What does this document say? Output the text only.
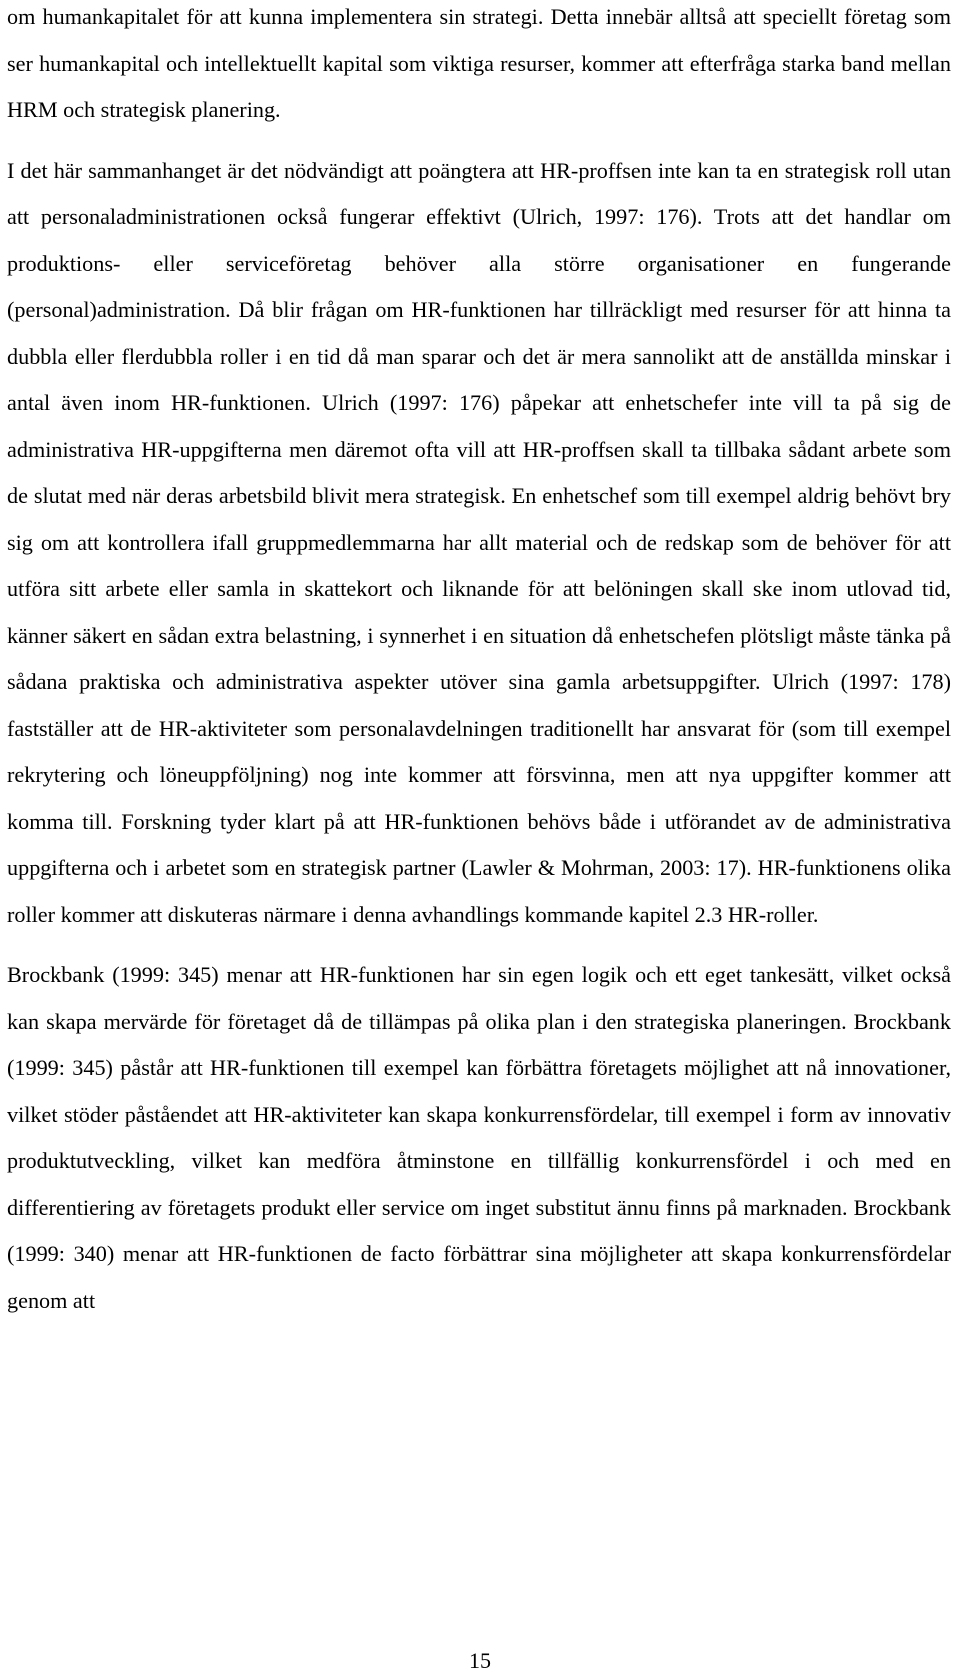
om humankapitalet för att kunna implementera sin strategi. Detta innebär alltså att speciellt företag som ser humankapital och intellektuellt kapital som viktiga resurser, kommer att efterfråga starka band mellan HRM och strategisk planering.

I det här sammanhanget är det nödvändigt att poängtera att HR-proffsen inte kan ta en strategisk roll utan att personaladministrationen också fungerar effektivt (Ulrich, 1997: 176). Trots att det handlar om produktions- eller serviceföretag behöver alla större organisationer en fungerande (personal)administration. Då blir frågan om HR-funktionen har tillräckligt med resurser för att hinna ta dubbla eller flerdubbla roller i en tid då man sparar och det är mera sannolikt att de anställda minskar i antal även inom HR-funktionen. Ulrich (1997: 176) påpekar att enhetschefer inte vill ta på sig de administrativa HR-uppgifterna men däremot ofta vill att HR-proffsen skall ta tillbaka sådant arbete som de slutat med när deras arbetsbild blivit mera strategisk. En enhetschef som till exempel aldrig behövt bry sig om att kontrollera ifall gruppmedlemmarna har allt material och de redskap som de behöver för att utföra sitt arbete eller samla in skattekort och liknande för att belöningen skall ske inom utlovad tid, känner säkert en sådan extra belastning, i synnerhet i en situation då enhetschefen plötsligt måste tänka på sådana praktiska och administrativa aspekter utöver sina gamla arbetsuppgifter. Ulrich (1997: 178) fastställer att de HR-aktiviteter som personalavdelningen traditionellt har ansvarat för (som till exempel rekrytering och löneuppföljning) nog inte kommer att försvinna, men att nya uppgifter kommer att komma till. Forskning tyder klart på att HR-funktionen behövs både i utförandet av de administrativa uppgifterna och i arbetet som en strategisk partner (Lawler & Mohrman, 2003: 17). HR-funktionens olika roller kommer att diskuteras närmare i denna avhandlings kommande kapitel 2.3 HR-roller.

Brockbank (1999: 345) menar att HR-funktionen har sin egen logik och ett eget tankesätt, vilket också kan skapa mervärde för företaget då de tillämpas på olika plan i den strategiska planeringen. Brockbank (1999: 345) påstår att HR-funktionen till exempel kan förbättra företagets möjlighet att nå innovationer, vilket stöder påståendet att HR-aktiviteter kan skapa konkurrensfördelar, till exempel i form av innovativ produktutveckling, vilket kan medföra åtminstone en tillfällig konkurrensfördel i och med en differentiering av företagets produkt eller service om inget substitut ännu finns på marknaden. Brockbank (1999: 340) menar att HR-funktionen de facto förbättrar sina möjligheter att skapa konkurrensfördelar genom att

15
